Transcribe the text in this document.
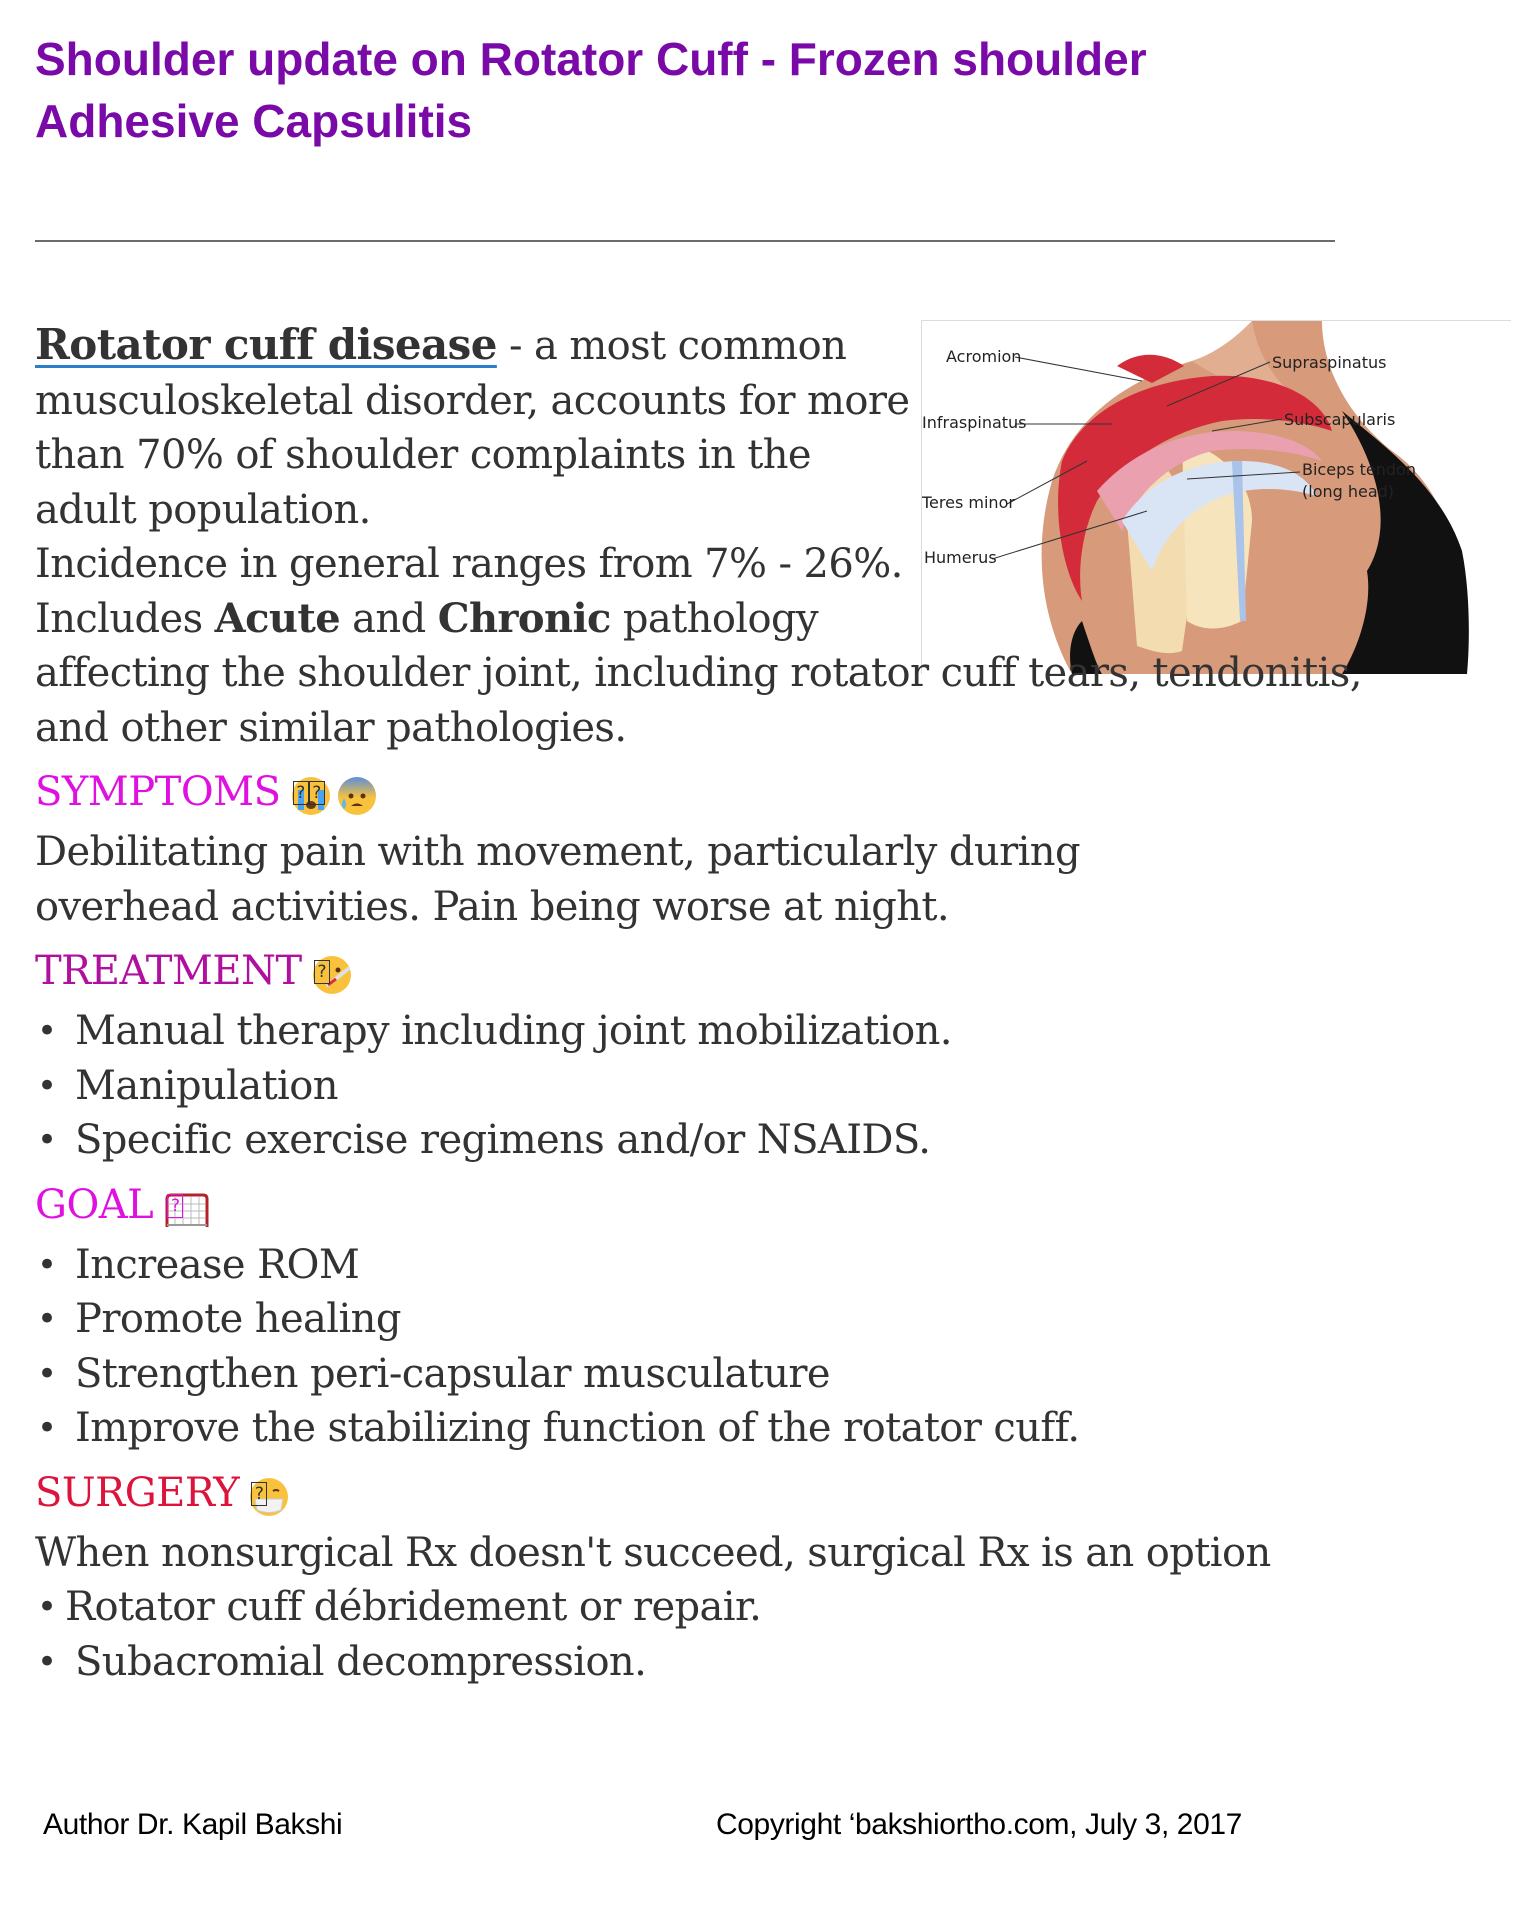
Shoulder update on Rotator Cuff - Frozen shoulder
Adhesive Capsulitis
Acromion	Supraspinatus
Infraspinatus	Subscapularis
Biceps tendon
(long head)
Teres minor
Humerus

Rotator cuff disease - a most common musculoskeletal disorder, accounts for more than 70% of shoulder complaints in the adult population.
Incidence in general ranges from 7% - 26%.
Includes Acute and Chronic pathology

affecting the shoulder joint, including rotator cuff tears, tendonitis, and other similar pathologies.

SYMPTOMS ? ?

Debilitating pain with movement, particularly during overhead activities. Pain being worse at night.

TREATMENT ?
• Manual therapy including joint mobilization.
• Manipulation
• Specific exercise regimens and/or NSAIDS.
GOAL ?
• Increase ROM
• Promote healing
• Strengthen peri-capsular musculature
• Improve the stabilizing function of the rotator cuff.
SURGERY ?

When nonsurgical Rx doesn't succeed, surgical Rx is an option

• Rotator cuff débridement or repair.
• Subacromial decompression.
Author Dr. Kapil Bakshi	Copyright ‘bakshiortho.com, July 3, 2017
